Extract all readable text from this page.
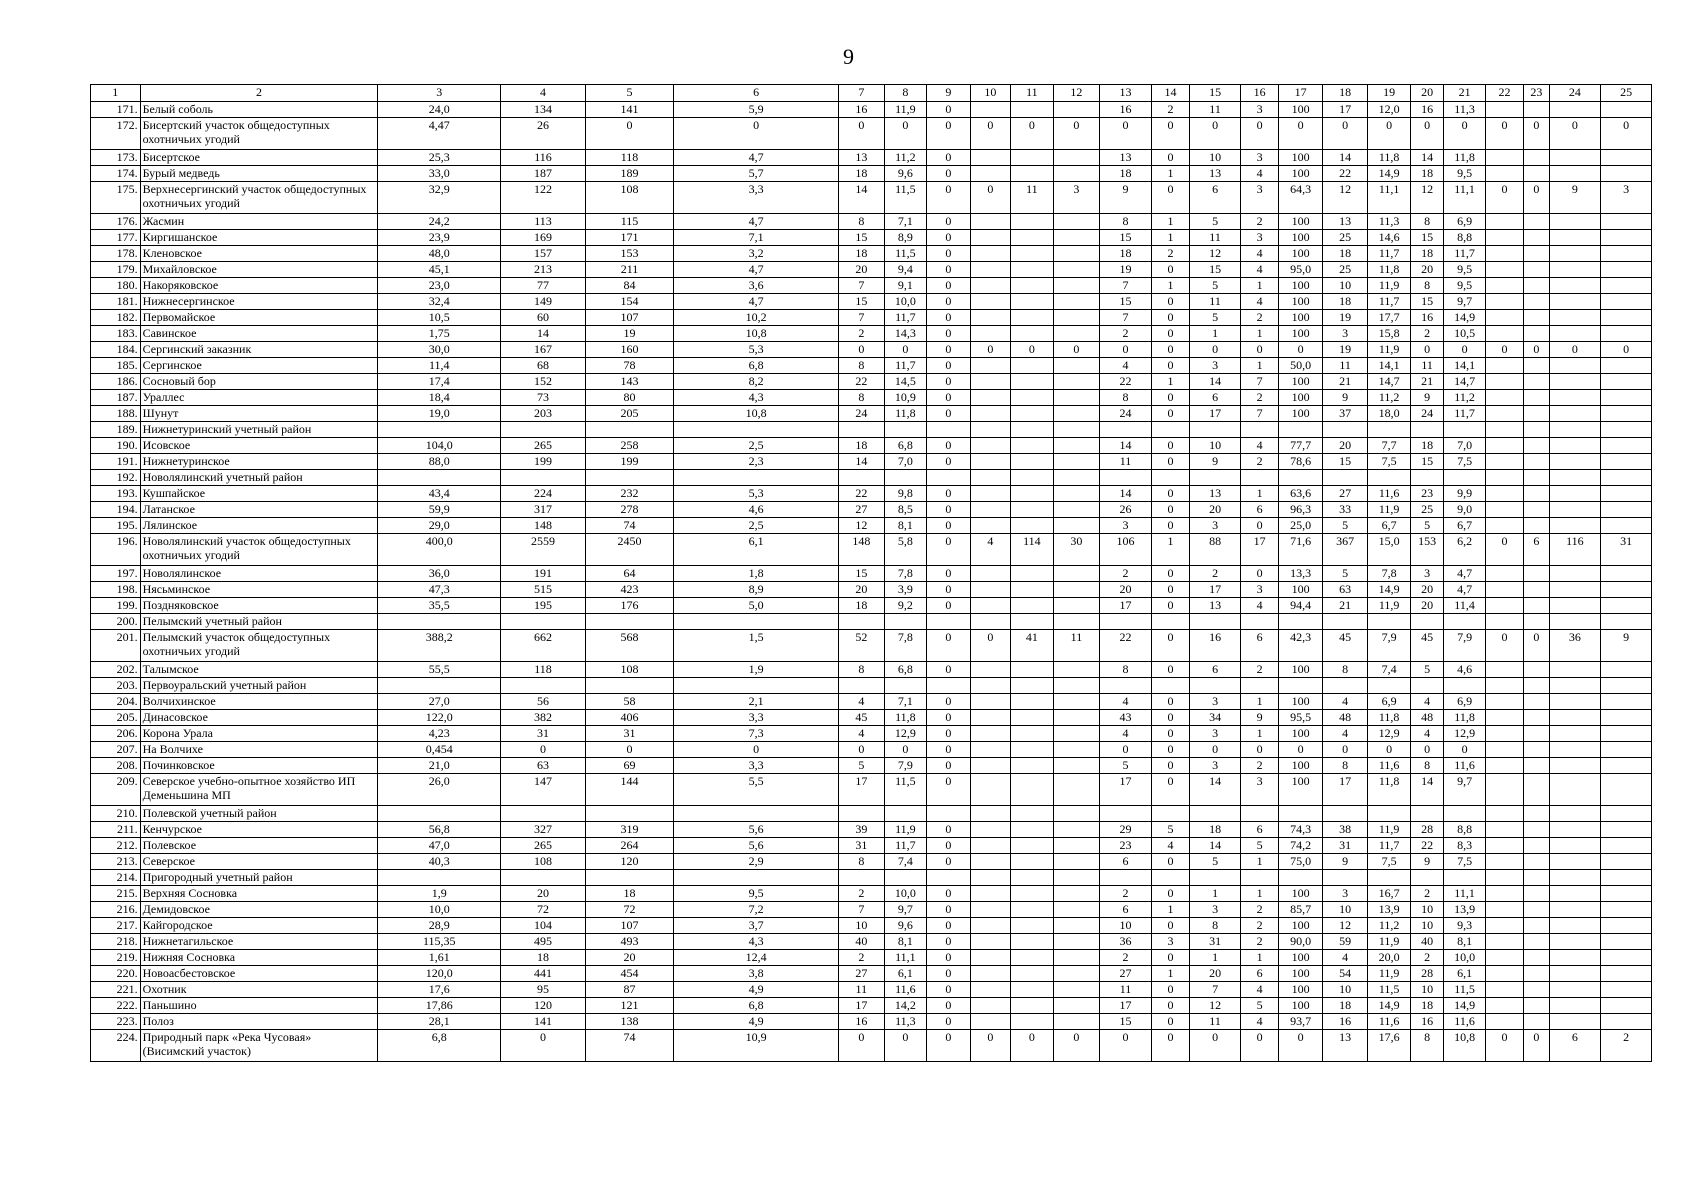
9
1	2	3	4	5	6	7	8	9	10	11	12	13	14	15	16	17	18	19	20	21	22	23	24	25
171.	Белый соболь	24,0	134	141	5,9	16	11,9	0				16	2	11	3	100	17	12,0	16	11,3				
172.	Бисертский участок общедоступных охотничьих угодий	4,47	26	0	0	0	0	0	0	0	0	0	0	0	0	0	0	0	0	0	0	0	0	0
173.	Бисертское	25,3	116	118	4,7	13	11,2	0				13	0	10	3	100	14	11,8	14	11,8				
174.	Бурый медведь	33,0	187	189	5,7	18	9,6	0				18	1	13	4	100	22	14,9	18	9,5				
175.	Верхнесергинский участок общедоступных охотничьих угодий	32,9	122	108	3,3	14	11,5	0	0	11	3	9	0	6	3	64,3	12	11,1	12	11,1	0	0	9	3
176.	Жасмин	24,2	113	115	4,7	8	7,1	0				8	1	5	2	100	13	11,3	8	6,9				
177.	Киргишанское	23,9	169	171	7,1	15	8,9	0				15	1	11	3	100	25	14,6	15	8,8				
178.	Кленовское	48,0	157	153	3,2	18	11,5	0				18	2	12	4	100	18	11,7	18	11,7				
179.	Михайловское	45,1	213	211	4,7	20	9,4	0				19	0	15	4	95,0	25	11,8	20	9,5				
180.	Накоряковское	23,0	77	84	3,6	7	9,1	0				7	1	5	1	100	10	11,9	8	9,5				
181.	Нижнесергинское	32,4	149	154	4,7	15	10,0	0				15	0	11	4	100	18	11,7	15	9,7				
182.	Первомайское	10,5	60	107	10,2	7	11,7	0				7	0	5	2	100	19	17,7	16	14,9				
183.	Савинское	1,75	14	19	10,8	2	14,3	0				2	0	1	1	100	3	15,8	2	10,5				
184.	Сергинский заказник	30,0	167	160	5,3	0	0	0	0	0	0	0	0	0	0	0	19	11,9	0	0	0	0	0	0
185.	Сергинское	11,4	68	78	6,8	8	11,7	0				4	0	3	1	50,0	11	14,1	11	14,1				
186.	Сосновый бор	17,4	152	143	8,2	22	14,5	0				22	1	14	7	100	21	14,7	21	14,7				
187.	Ураллес	18,4	73	80	4,3	8	10,9	0				8	0	6	2	100	9	11,2	9	11,2				
188.	Шунут	19,0	203	205	10,8	24	11,8	0				24	0	17	7	100	37	18,0	24	11,7				
189.	Нижнетуринский учетный район																							
190.	Исовское	104,0	265	258	2,5	18	6,8	0				14	0	10	4	77,7	20	7,7	18	7,0				
191.	Нижнетуринское	88,0	199	199	2,3	14	7,0	0				11	0	9	2	78,6	15	7,5	15	7,5				
192.	Новолялинский учетный район																							
193.	Кушпайское	43,4	224	232	5,3	22	9,8	0				14	0	13	1	63,6	27	11,6	23	9,9				
194.	Латанское	59,9	317	278	4,6	27	8,5	0				26	0	20	6	96,3	33	11,9	25	9,0				
195.	Лялинское	29,0	148	74	2,5	12	8,1	0				3	0	3	0	25,0	5	6,7	5	6,7				
196.	Новолялинский участок общедоступных охотничьих угодий	400,0	2559	2450	6,1	148	5,8	0	4	114	30	106	1	88	17	71,6	367	15,0	153	6,2	0	6	116	31
197.	Новолялинское	36,0	191	64	1,8	15	7,8	0				2	0	2	0	13,3	5	7,8	3	4,7				
198.	Нясьминское	47,3	515	423	8,9	20	3,9	0				20	0	17	3	100	63	14,9	20	4,7				
199.	Поздняковское	35,5	195	176	5,0	18	9,2	0				17	0	13	4	94,4	21	11,9	20	11,4				
200.	Пелымский учетный район																							
201.	Пелымский участок общедоступных охотничьих угодий	388,2	662	568	1,5	52	7,8	0	0	41	11	22	0	16	6	42,3	45	7,9	45	7,9	0	0	36	9
202.	Талымское	55,5	118	108	1,9	8	6,8	0				8	0	6	2	100	8	7,4	5	4,6				
203.	Первоуральский учетный район																							
204.	Волчихинское	27,0	56	58	2,1	4	7,1	0				4	0	3	1	100	4	6,9	4	6,9				
205.	Динасовское	122,0	382	406	3,3	45	11,8	0				43	0	34	9	95,5	48	11,8	48	11,8				
206.	Корона Урала	4,23	31	31	7,3	4	12,9	0				4	0	3	1	100	4	12,9	4	12,9				
207.	На Волчихе	0,454	0	0	0	0	0	0				0	0	0	0	0	0	0	0	0				
208.	Починковское	21,0	63	69	3,3	5	7,9	0				5	0	3	2	100	8	11,6	8	11,6				
209.	Северское учебно-опытное хозяйство ИП Деменьшина МП	26,0	147	144	5,5	17	11,5	0				17	0	14	3	100	17	11,8	14	9,7				
210.	Полевской учетный район																							
211.	Кенчурское	56,8	327	319	5,6	39	11,9	0				29	5	18	6	74,3	38	11,9	28	8,8				
212.	Полевское	47,0	265	264	5,6	31	11,7	0				23	4	14	5	74,2	31	11,7	22	8,3				
213.	Северское	40,3	108	120	2,9	8	7,4	0				6	0	5	1	75,0	9	7,5	9	7,5				
214.	Пригородный учетный район																							
215.	Верхняя Сосновка	1,9	20	18	9,5	2	10,0	0				2	0	1	1	100	3	16,7	2	11,1				
216.	Демидовское	10,0	72	72	7,2	7	9,7	0				6	1	3	2	85,7	10	13,9	10	13,9				
217.	Кайгородское	28,9	104	107	3,7	10	9,6	0				10	0	8	2	100	12	11,2	10	9,3				
218.	Нижнетагильское	115,35	495	493	4,3	40	8,1	0				36	3	31	2	90,0	59	11,9	40	8,1				
219.	Нижняя Сосновка	1,61	18	20	12,4	2	11,1	0				2	0	1	1	100	4	20,0	2	10,0				
220.	Новоасбестовское	120,0	441	454	3,8	27	6,1	0				27	1	20	6	100	54	11,9	28	6,1				
221.	Охотник	17,6	95	87	4,9	11	11,6	0				11	0	7	4	100	10	11,5	10	11,5				
222.	Паньшино	17,86	120	121	6,8	17	14,2	0				17	0	12	5	100	18	14,9	18	14,9				
223.	Полоз	28,1	141	138	4,9	16	11,3	0				15	0	11	4	93,7	16	11,6	16	11,6				
224.	Природный парк «Река Чусовая» (Висимский участок)	6,8	0	74	10,9	0	0	0	0	0	0	0	0	0	0	0	13	17,6	8	10,8	0	0	6	2
